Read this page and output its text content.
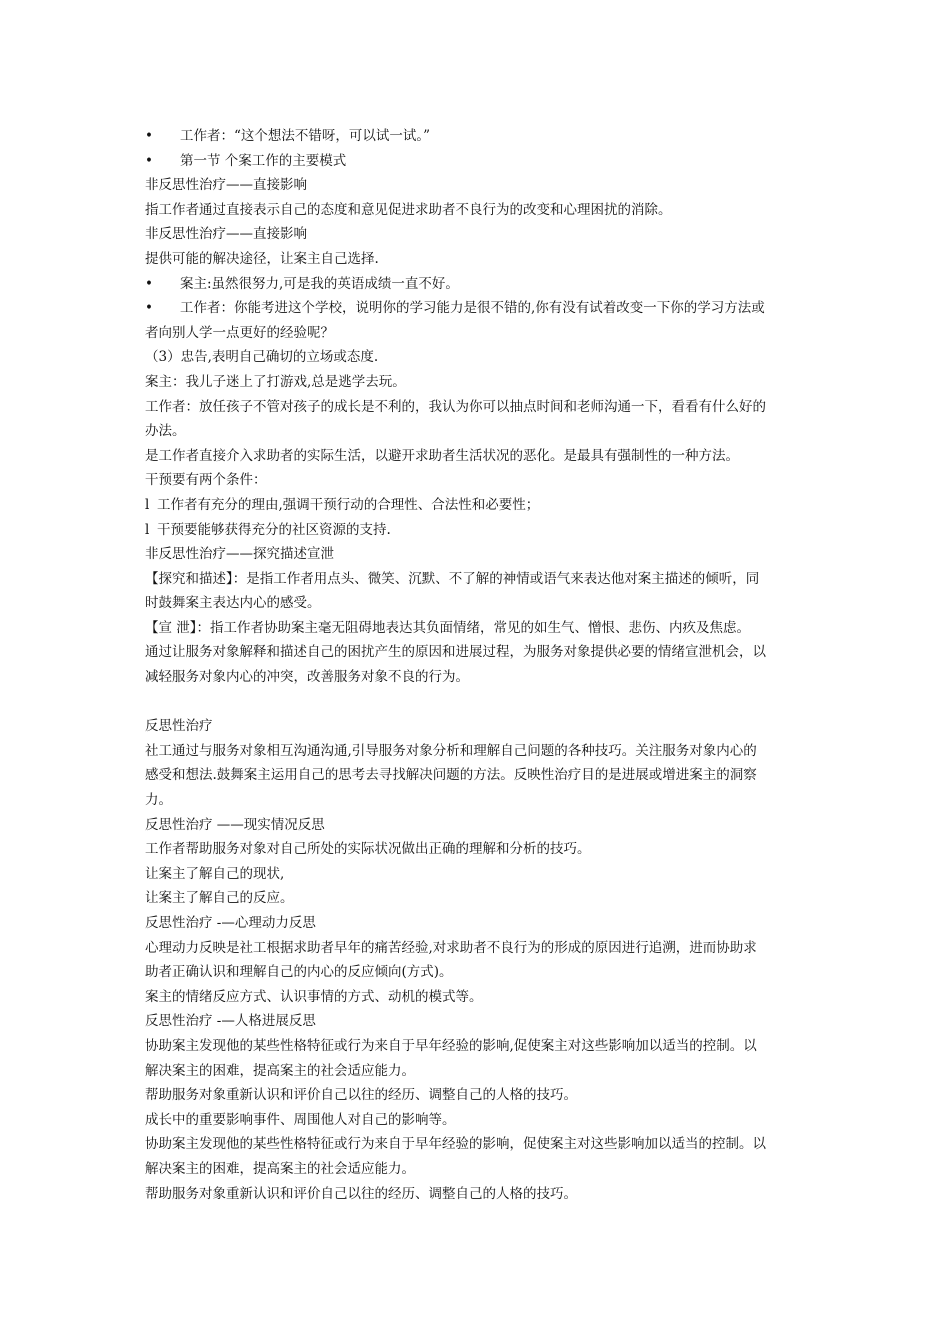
•	工作者：“这个想法不错呀，可以试一试。”
•	第一节 个案工作的主要模式
非反思性治疗——直接影响
指工作者通过直接表示自己的态度和意见促进求助者不良行为的改变和心理困扰的消除。
非反思性治疗——直接影响
提供可能的解决途径，让案主自己选择.
•	案主:虽然很努力,可是我的英语成绩一直不好。
•	工作者：你能考进这个学校，说明你的学习能力是很不错的,你有没有试着改变一下你的学习方法或
者向别人学一点更好的经验呢？
（3）忠告,表明自己确切的立场或态度.
案主：我儿子迷上了打游戏,总是逃学去玩。
工作者：放任孩子不管对孩子的成长是不利的，我认为你可以抽点时间和老师沟通一下，看看有什么好的
办法。
是工作者直接介入求助者的实际生活，以避开求助者生活状况的恶化。是最具有强制性的一种方法。
干预要有两个条件：
l 工作者有充分的理由,强调干预行动的合理性、合法性和必要性；
l 干预要能够获得充分的社区资源的支持.
非反思性治疗——探究描述宣泄
【探究和描述】：是指工作者用点头、微笑、沉默、不了解的神情或语气来表达他对案主描述的倾听，同
时鼓舞案主表达内心的感受。
【宣 泄】：指工作者协助案主毫无阻碍地表达其负面情绪，常见的如生气、憎恨、悲伤、内疚及焦虑。
通过让服务对象解释和描述自己的困扰产生的原因和进展过程，为服务对象提供必要的情绪宣泄机会，以
减轻服务对象内心的冲突，改善服务对象不良的行为。
反思性治疗
社工通过与服务对象相互沟通沟通,引导服务对象分析和理解自己问题的各种技巧。关注服务对象内心的
感受和想法.鼓舞案主运用自己的思考去寻找解决问题的方法。反映性治疗目的是进展或增进案主的洞察
力。
反思性治疗 ——现实情况反思
工作者帮助服务对象对自己所处的实际状况做出正确的理解和分析的技巧。
让案主了解自己的现状,
让案主了解自己的反应。
反思性治疗 -—心理动力反思
心理动力反映是社工根据求助者早年的痛苦经验,对求助者不良行为的形成的原因进行追溯，进而协助求
助者正确认识和理解自己的内心的反应倾向(方式)。
案主的情绪反应方式、认识事情的方式、动机的模式等。
反思性治疗 -—人格进展反思
协助案主发现他的某些性格特征或行为来自于早年经验的影响,促使案主对这些影响加以适当的控制。以
解决案主的困难，提高案主的社会适应能力。
帮助服务对象重新认识和评价自己以往的经历、调整自己的人格的技巧。
成长中的重要影响事件、周围他人对自己的影响等。
协助案主发现他的某些性格特征或行为来自于早年经验的影响，促使案主对这些影响加以适当的控制。以
解决案主的困难，提高案主的社会适应能力。
帮助服务对象重新认识和评价自己以往的经历、调整自己的人格的技巧。
